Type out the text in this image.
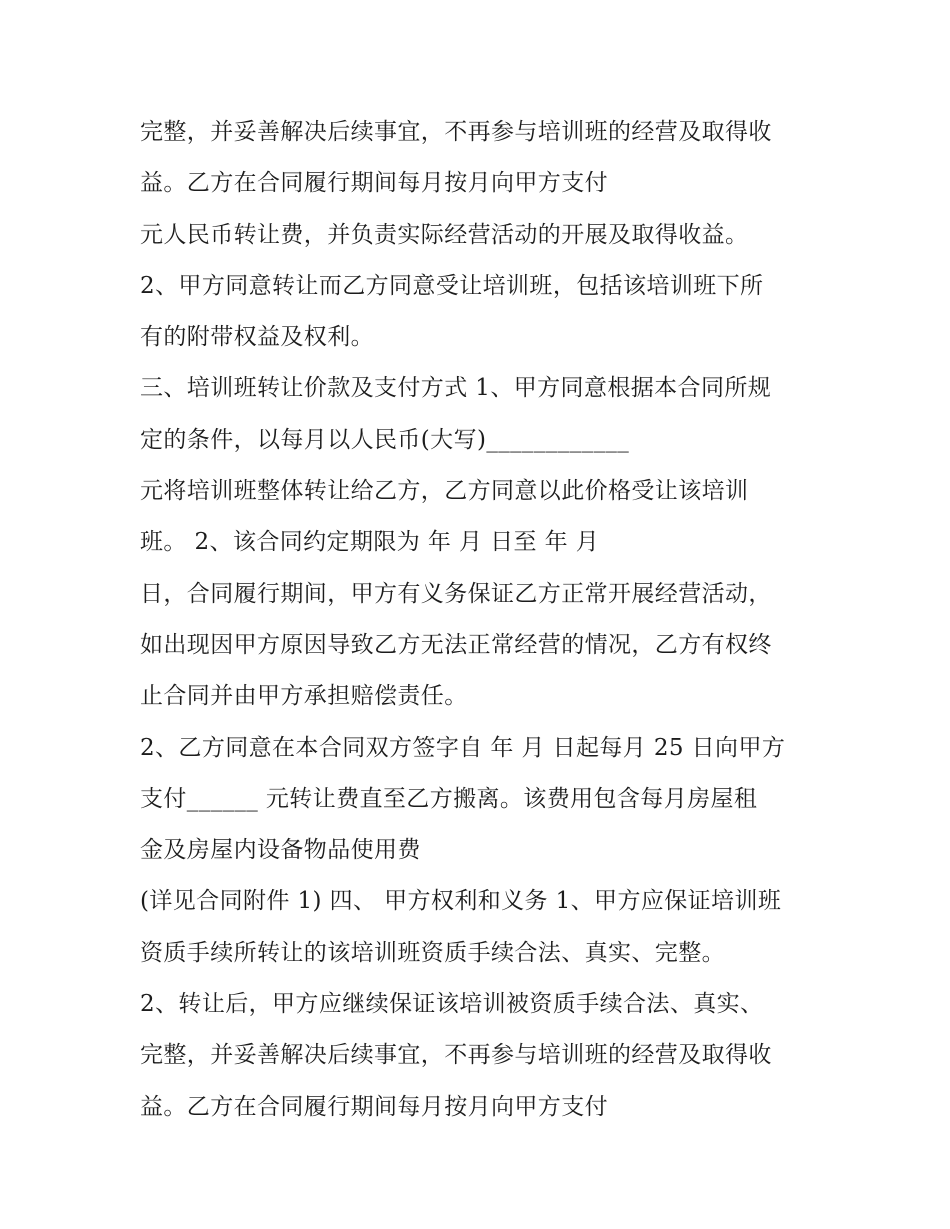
完整，并妥善解决后续事宜，不再参与培训班的经营及取得收
益。乙方在合同履行期间每月按月向甲方支付
元人民币转让费，并负责实际经营活动的开展及取得收益。
2、甲方同意转让而乙方同意受让培训班，包括该培训班下所
有的附带权益及权利。
三、培训班转让价款及支付方式 1、甲方同意根据本合同所规
定的条件，以每月以人民币(大写)____________
元将培训班整体转让给乙方，乙方同意以此价格受让该培训
班。 2、该合同约定期限为 年 月 日至 年 月
日，合同履行期间，甲方有义务保证乙方正常开展经营活动，
如出现因甲方原因导致乙方无法正常经营的情况，乙方有权终
止合同并由甲方承担赔偿责任。
2、乙方同意在本合同双方签字自 年 月 日起每月 25 日向甲方
支付______ 元转让费直至乙方搬离。该费用包含每月房屋租
金及房屋内设备物品使用费
(详见合同附件 1) 四、 甲方权利和义务 1、甲方应保证培训班
资质手续所转让的该培训班资质手续合法、真实、完整。
2、转让后，甲方应继续保证该培训被资质手续合法、真实、
完整，并妥善解决后续事宜，不再参与培训班的经营及取得收
益。乙方在合同履行期间每月按月向甲方支付
